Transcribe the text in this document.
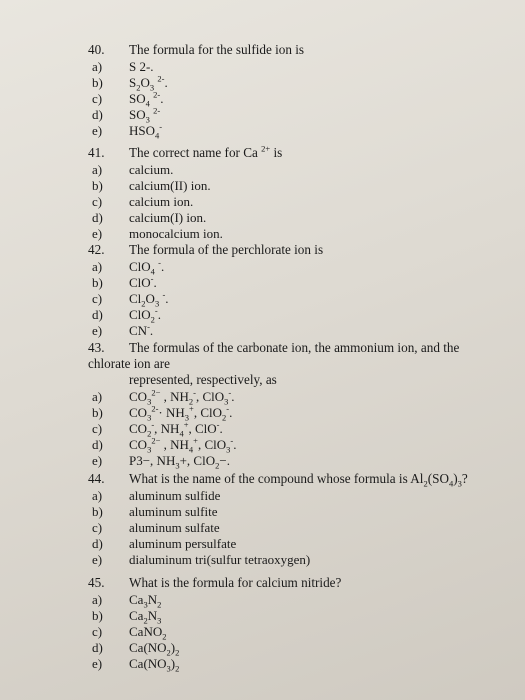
40. The formula for the sulfide ion is
a) S 2-.
b) $S_2O_3$ $^{2-}$.
c) $SO_4$ $^{2-}$.
d) $SO_3$ $^{2-}$
e) $HSO_4^-$
41. The correct name for Ca $^{2+}$ is
a) calcium.
b) calcium(II) ion.
c) calcium ion.
d) calcium(I) ion.
e) monocalcium ion.
42. The formula of the perchlorate ion is
a) ClO$_4$ -.
b) ClO-.
c) $Cl_2O_3$ -.
d) ClO$_2$-.
e) CN-.
43. The formulas of the carbonate ion, the ammonium ion, and the
chlorate ion are
represented, respectively, as
a) $CO_3^{2-}$ , $NH_2^-$, ClO$_3$-.
b) $CO_3^{2-}\cdot NH_3^+$, ClO$_2$-.
c) $CO_2^-$, $NH_4^+$, ClO-.
d) $CO_3^{2-}$ , $NH_4^+$, ClO$_3$-.
e) P3−, $NH_3+$, ClO$_2$−.
44. What is the name of the compound whose formula is $Al_2(SO_4)_3$?
a) aluminum sulfide
b) aluminum sulfite
c) aluminum sulfate
d) aluminum persulfate
e) dialuminum tri(sulfur tetraoxygen)
45. What is the formula for calcium nitride?
a) $Ca_3N_2$
b) $Ca_2N_3$
c) CaNO$_2$
d) $Ca(NO_2)_2$
e) $Ca(NO_3)_2$
